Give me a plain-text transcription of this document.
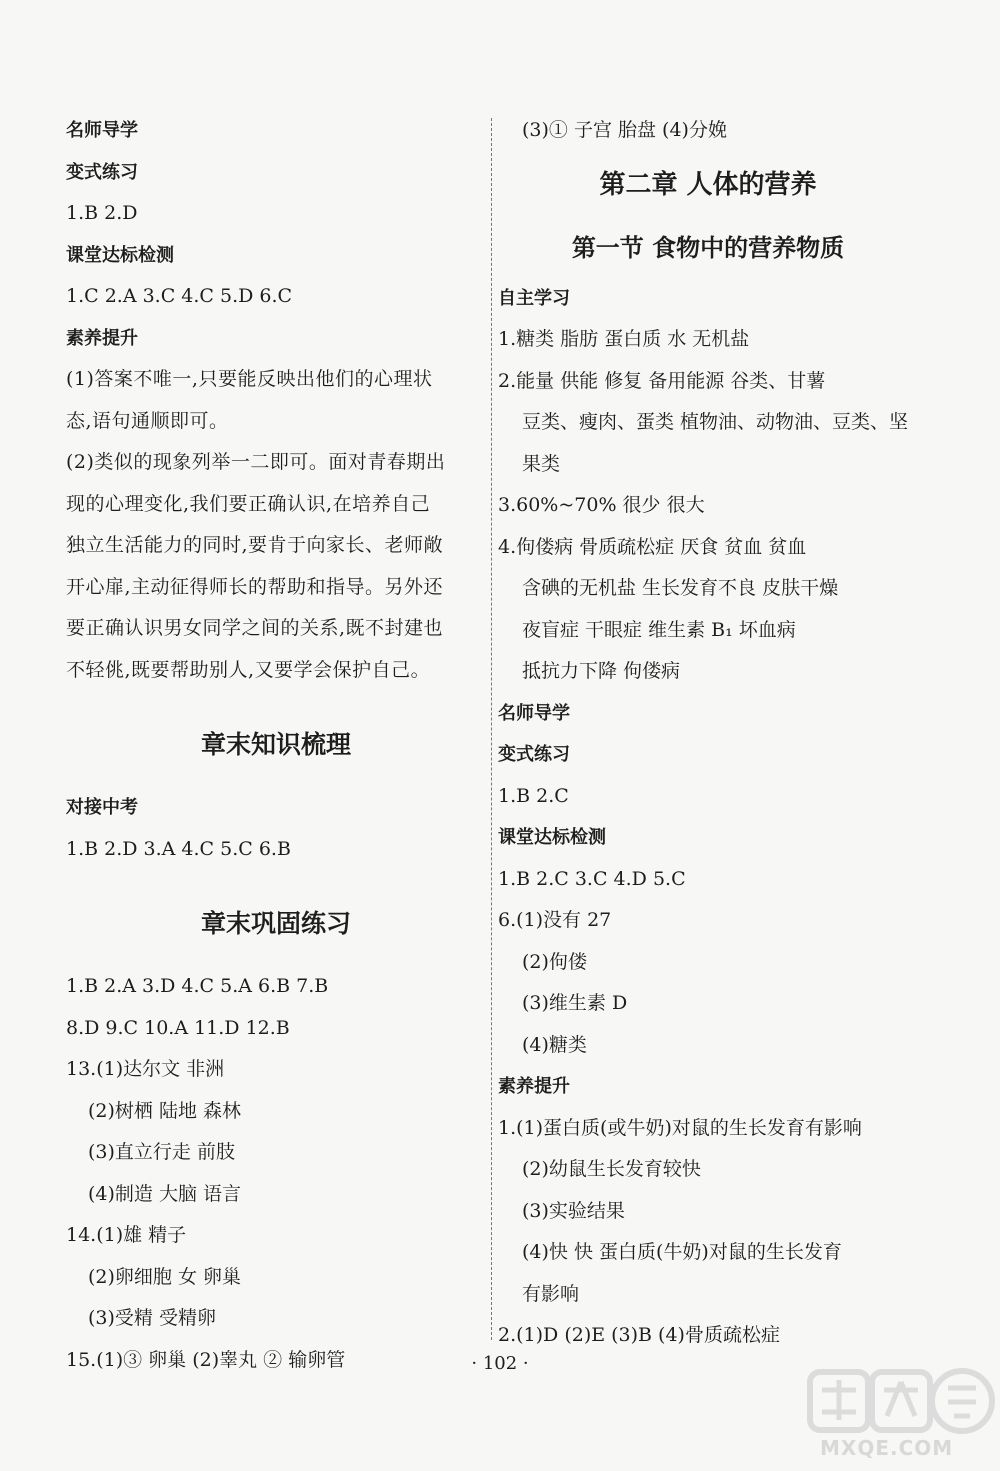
名师导学
变式练习
1.B 2.D
课堂达标检测
1.C 2.A 3.C 4.C 5.D 6.C
素养提升
(1)答案不唯一,只要能反映出他们的心理状
态,语句通顺即可。
(2)类似的现象列举一二即可。面对青春期出
现的心理变化,我们要正确认识,在培养自己
独立生活能力的同时,要肯于向家长、老师敞
开心扉,主动征得师长的帮助和指导。另外还
要正确认识男女同学之间的关系,既不封建也
不轻佻,既要帮助别人,又要学会保护自己。
章末知识梳理
对接中考
1.B 2.D 3.A 4.C 5.C 6.B
章末巩固练习
1.B 2.A 3.D 4.C 5.A 6.B 7.B
8.D 9.C 10.A 11.D 12.B
13.(1)达尔文 非洲
(2)树栖 陆地 森林
(3)直立行走 前肢
(4)制造 大脑 语言
14.(1)雄 精子
(2)卵细胞 女 卵巢
(3)受精 受精卵
15.(1)③ 卵巢 (2)睾丸 ② 输卵管
(3)① 子宫 胎盘 (4)分娩
第二章 人体的营养
第一节 食物中的营养物质
自主学习
1.糖类 脂肪 蛋白质 水 无机盐
2.能量 供能 修复 备用能源 谷类、甘薯
豆类、瘦肉、蛋类 植物油、动物油、豆类、坚
果类
3.60%~70% 很少 很大
4.佝偻病 骨质疏松症 厌食 贫血 贫血
含碘的无机盐 生长发育不良 皮肤干燥
夜盲症 干眼症 维生素 B₁ 坏血病
抵抗力下降 佝偻病
名师导学
变式练习
1.B 2.C
课堂达标检测
1.B 2.C 3.C 4.D 5.C
6.(1)没有 27
(2)佝偻
(3)维生素 D
(4)糖类
素养提升
1.(1)蛋白质(或牛奶)对鼠的生长发育有影响
(2)幼鼠生长发育较快
(3)实验结果
(4)快 快 蛋白质(牛奶)对鼠的生长发育
有影响
2.(1)D (2)E (3)B (4)骨质疏松症
· 102 ·
MXQE.COM
